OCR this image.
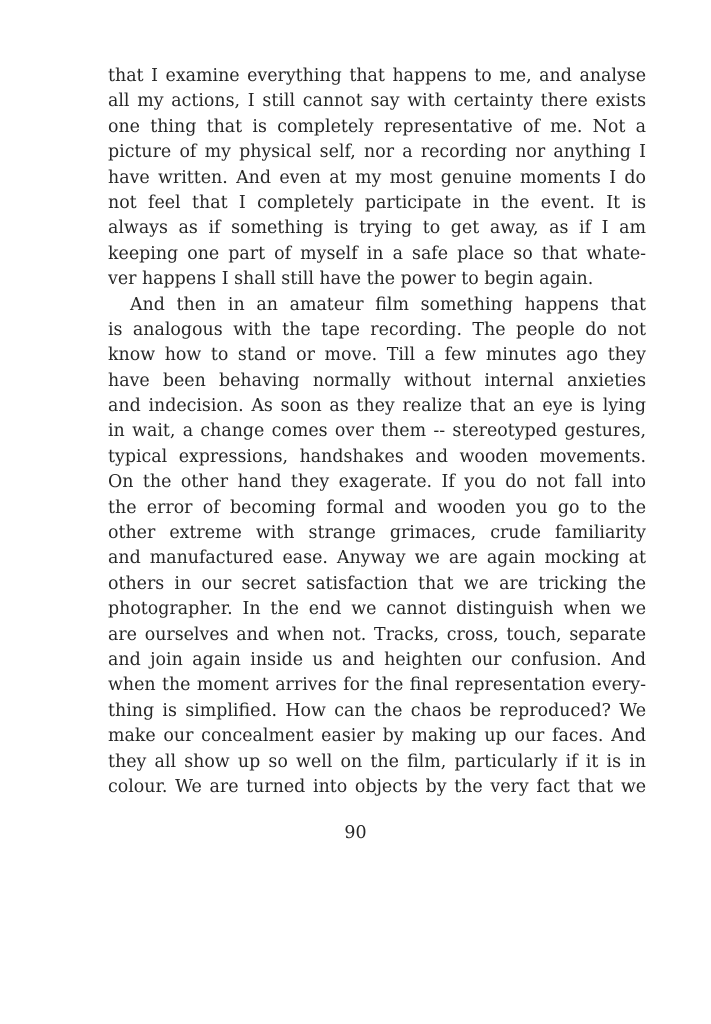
that I examine everything that happens to me, and analyse
all my actions, I still cannot say with certainty there exists
one thing that is completely representative of me. Not a
picture of my physical self, nor a recording nor anything I
have written. And even at my most genuine moments I do
not feel that I completely participate in the event. It is
always as if something is trying to get away, as if I am
keeping one part of myself in a safe place so that whate-
ver happens I shall still have the power to begin again.
And then in an amateur film something happens that
is analogous with the tape recording. The people do not
know how to stand or move. Till a few minutes ago they
have been behaving normally without internal anxieties
and indecision. As soon as they realize that an eye is lying
in wait, a change comes over them -- stereotyped gestures,
typical expressions, handshakes and wooden movements.
On the other hand they exagerate. If you do not fall into
the error of becoming formal and wooden you go to the
other extreme with strange grimaces, crude familiarity
and manufactured ease. Anyway we are again mocking at
others in our secret satisfaction that we are tricking the
photographer. In the end we cannot distinguish when we
are ourselves and when not. Tracks, cross, touch, separate
and join again inside us and heighten our confusion. And
when the moment arrives for the final representation every-
thing is simplified. How can the chaos be reproduced? We
make our concealment easier by making up our faces. And
they all show up so well on the film, particularly if it is in
colour. We are turned into objects by the very fact that we
90
